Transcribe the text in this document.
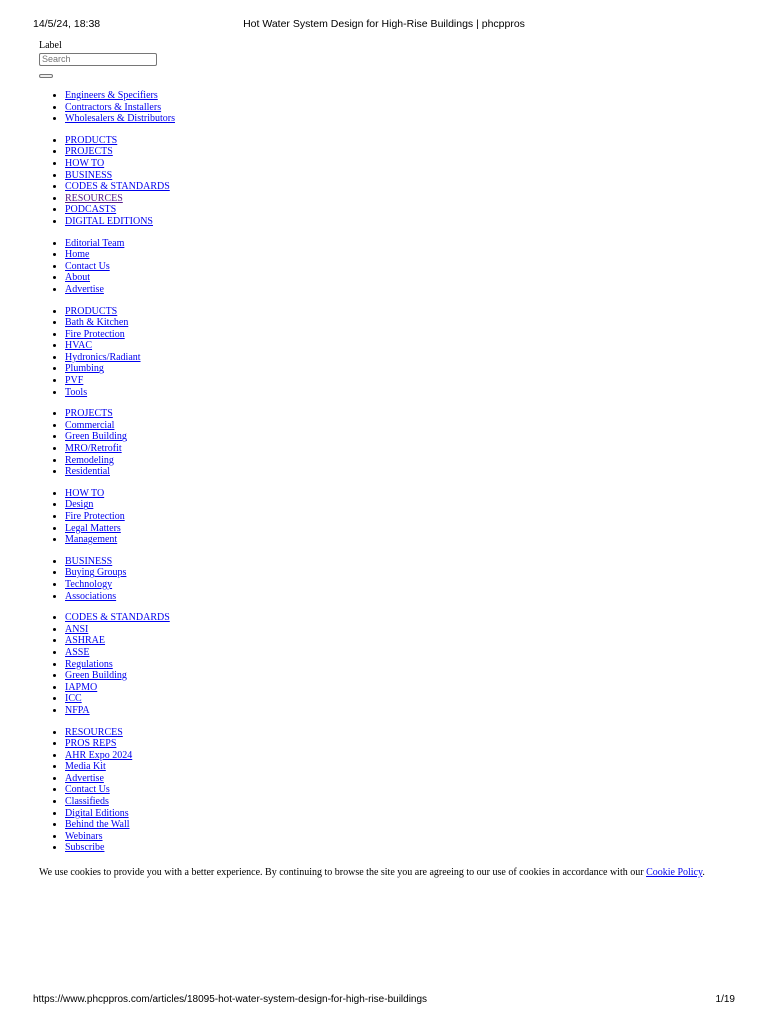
14/5/24, 18:38	Hot Water System Design for High-Rise Buildings | phcppros
Label
Search
• Engineers & Specifiers
• Contractors & Installers
• Wholesalers & Distributors
• PRODUCTS
• PROJECTS
• HOW TO
• BUSINESS
• CODES & STANDARDS
• RESOURCES
• PODCASTS
• DIGITAL EDITIONS
• Editorial Team
• Home
• Contact Us
• About
• Advertise
• PRODUCTS
• Bath & Kitchen
• Fire Protection
• HVAC
• Hydronics/Radiant
• Plumbing
• PVF
• Tools
• PROJECTS
• Commercial
• Green Building
• MRO/Retrofit
• Remodeling
• Residential
• HOW TO
• Design
• Fire Protection
• Legal Matters
• Management
• BUSINESS
• Buying Groups
• Technology
• Associations
• CODES & STANDARDS
• ANSI
• ASHRAE
• ASSE
• Regulations
• Green Building
• IAPMO
• ICC
• NFPA
• RESOURCES
• PROS REPS
• AHR Expo 2024
• Media Kit
• Advertise
• Contact Us
• Classifieds
• Digital Editions
• Behind the Wall
• Webinars
• Subscribe
We use cookies to provide you with a better experience. By continuing to browse the site you are agreeing to our use of cookies in accordance with our Cookie Policy.
https://www.phcppros.com/articles/18095-hot-water-system-design-for-high-rise-buildings	1/19
